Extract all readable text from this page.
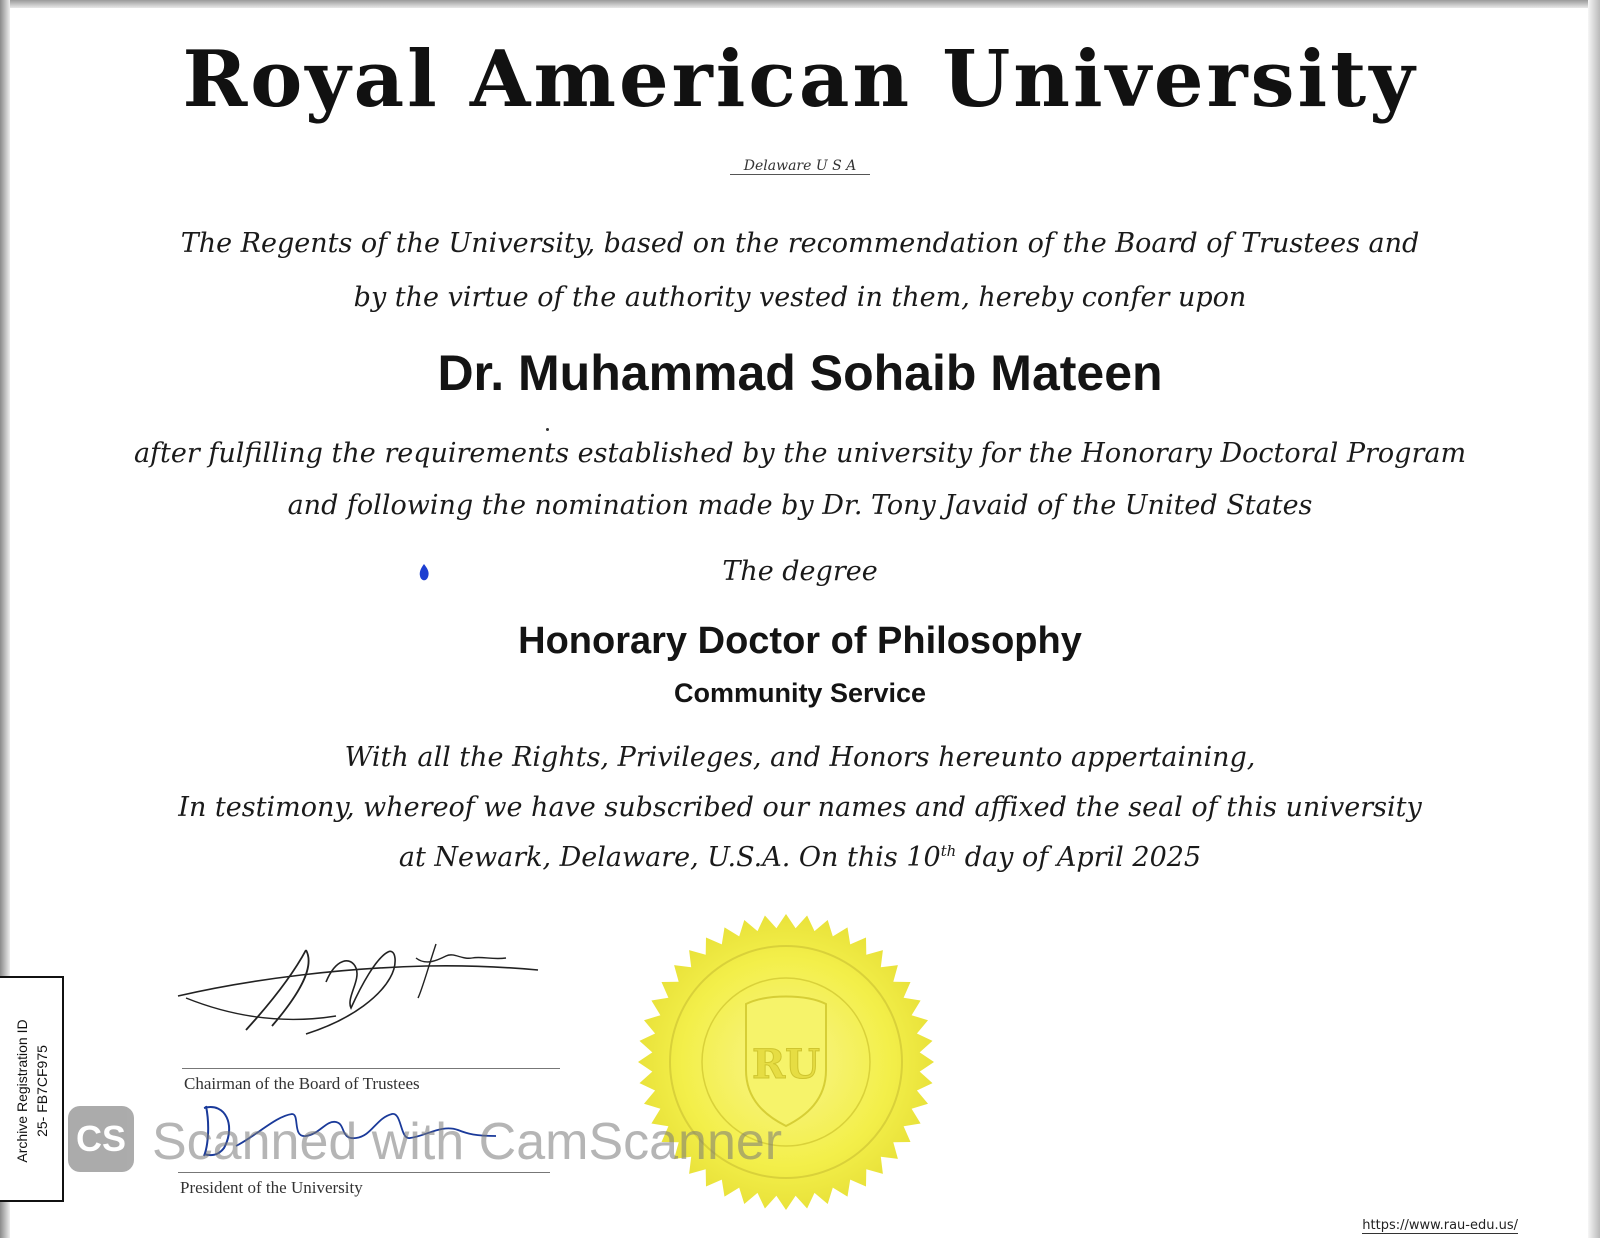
Royal American University
Delaware U S A
The Regents of the University, based on the recommendation of the Board of Trustees and
by the virtue of the authority vested in them, hereby confer upon
Dr. Muhammad Sohaib Mateen
after fulfilling the requirements established by the university for the Honorary Doctoral Program
and following the nomination made by Dr. Tony Javaid of the United States
The degree
Honorary Doctor of Philosophy
Community Service
With all the Rights, Privileges, and Honors hereunto appertaining,
In testimony, whereof we have subscribed our names and affixed the seal of this university
at Newark, Delaware, U.S.A. On this 10th day of April 2025
Chairman of the Board of Trustees
President of the University
RU
Archive Registration ID 25- FB7CF975
CS Scanned with CamScanner
https://www.rau-edu.us/
